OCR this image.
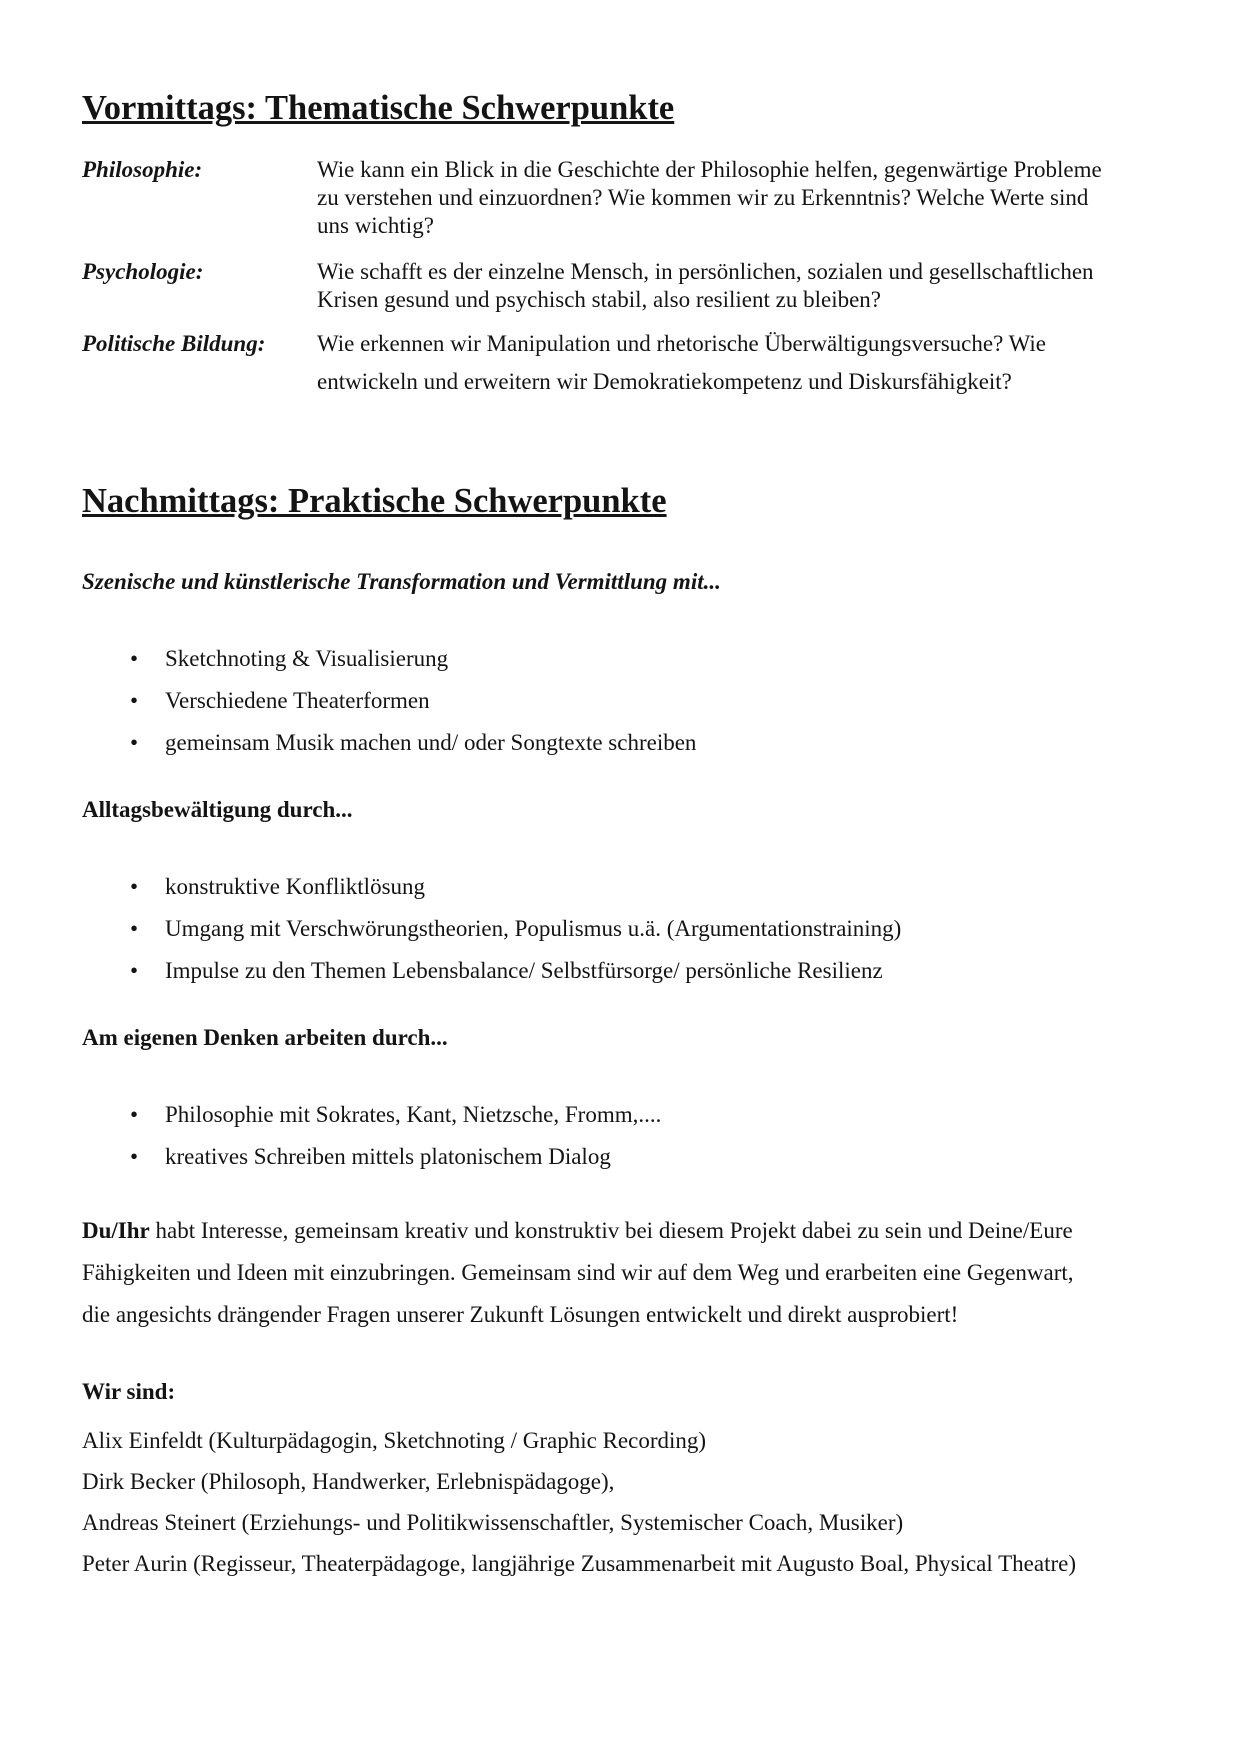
Vormittags: Thematische Schwerpunkte
Philosophie:	Wie kann ein Blick in die Geschichte der Philosophie helfen, gegenwärtige Probleme
zu verstehen und einzuordnen? Wie kommen wir zu Erkenntnis? Welche Werte sind
uns wichtig?
Psychologie:	Wie schafft es der einzelne Mensch, in persönlichen, sozialen und gesellschaftlichen
Krisen gesund und psychisch stabil, also resilient zu bleiben?
Politische Bildung:	Wie erkennen wir Manipulation und rhetorische Überwältigungsversuche? Wie
entwickeln und erweitern wir Demokratiekompetenz und Diskursfähigkeit?
Nachmittags: Praktische Schwerpunkte

Szenische und künstlerische Transformation und Vermittlung mit...

•	Sketchnoting & Visualisierung
•	Verschiedene Theaterformen
•	gemeinsam Musik machen und/ oder Songtexte schreiben

Alltagsbewältigung durch...

•	konstruktive Konfliktlösung
•	Umgang mit Verschwörungstheorien, Populismus u.ä. (Argumentationstraining)
•	Impulse zu den Themen Lebensbalance/ Selbstfürsorge/ persönliche Resilienz

Am eigenen Denken arbeiten durch...

•	Philosophie mit Sokrates, Kant, Nietzsche, Fromm,....
•	kreatives Schreiben mittels platonischem Dialog

Du/Ihr habt Interesse, gemeinsam kreativ und konstruktiv bei diesem Projekt dabei zu sein und Deine/Eure
Fähigkeiten und Ideen mit einzubringen. Gemeinsam sind wir auf dem Weg und erarbeiten eine Gegenwart,
die angesichts drängender Fragen unserer Zukunft Lösungen entwickelt und direkt ausprobiert!

Wir sind:

Alix Einfeldt (Kulturpädagogin, Sketchnoting / Graphic Recording)
Dirk Becker (Philosoph, Handwerker, Erlebnispädagoge),
Andreas Steinert (Erziehungs- und Politikwissenschaftler, Systemischer Coach, Musiker)
Peter Aurin (Regisseur, Theaterpädagoge, langjährige Zusammenarbeit mit Augusto Boal, Physical Theatre)
